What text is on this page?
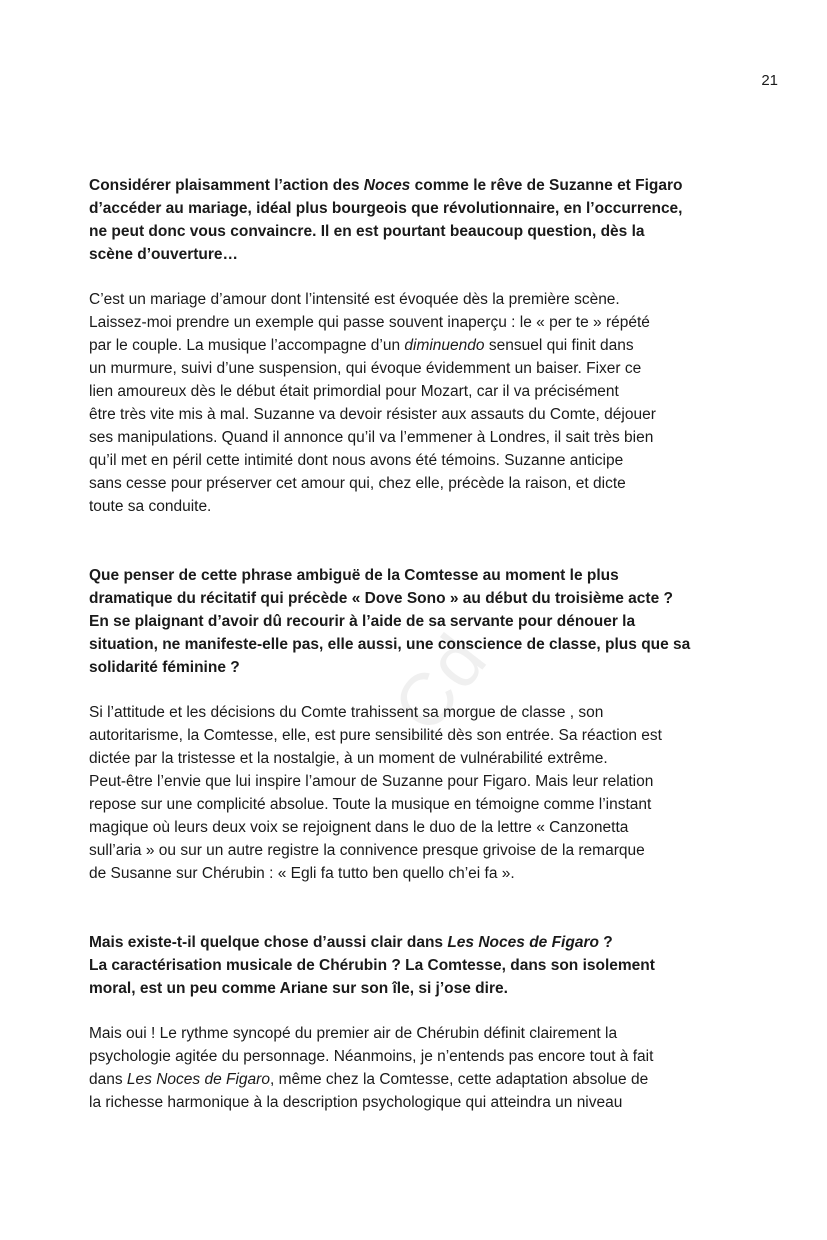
21
Cd
Considérer plaisamment l’action des Noces comme le rêve de Suzanne et Figaro
d’accéder au mariage, idéal plus bourgeois que révolutionnaire, en l’occurrence,
ne peut donc vous convaincre. Il en est pourtant beaucoup question, dès la
scène d’ouverture…
C’est un mariage d’amour dont l’intensité est évoquée dès la première scène.
Laissez-moi prendre un exemple qui passe souvent inaperçu : le « per te » répété
par le couple. La musique l’accompagne d’un diminuendo sensuel qui finit dans
un murmure, suivi d’une suspension, qui évoque évidemment un baiser. Fixer ce
lien amoureux dès le début était primordial pour Mozart, car il va précisément
être très vite mis à mal. Suzanne va devoir résister aux assauts du Comte, déjouer
ses manipulations. Quand il annonce qu’il va l’emmener à Londres, il sait très bien
qu’il met en péril cette intimité dont nous avons été témoins. Suzanne anticipe
sans cesse pour préserver cet amour qui, chez elle, précède la raison, et dicte
toute sa conduite.
Que penser de cette phrase ambiguë de la Comtesse au moment le plus
dramatique du récitatif qui précède « Dove Sono » au début du troisième acte ?
En se plaignant d’avoir dû recourir à l’aide de sa servante pour dénouer la
situation, ne manifeste-elle pas, elle aussi, une conscience de classe, plus que sa
solidarité féminine ?
Si l’attitude et les décisions du Comte trahissent sa morgue de classe , son
autoritarisme, la Comtesse, elle, est pure sensibilité dès son entrée. Sa réaction est
dictée par la tristesse et la nostalgie, à un moment de vulnérabilité extrême.
Peut-être l’envie que lui inspire l’amour de Suzanne pour Figaro. Mais leur relation
repose sur une complicité absolue. Toute la musique en témoigne comme l’instant
magique où leurs deux voix se rejoignent dans le duo de la lettre « Canzonetta
sull’aria » ou sur un autre registre la connivence presque grivoise de la remarque
de Susanne sur Chérubin : « Egli fa tutto ben quello ch’ei fa ».
Mais existe-t-il quelque chose d’aussi clair dans Les Noces de Figaro ?
La caractérisation musicale de Chérubin ? La Comtesse, dans son isolement
moral, est un peu comme Ariane sur son île, si j’ose dire.
Mais oui ! Le rythme syncopé du premier air de Chérubin définit clairement la
psychologie agitée du personnage. Néanmoins, je n’entends pas encore tout à fait
dans Les Noces de Figaro, même chez la Comtesse, cette adaptation absolue de
la richesse harmonique à la description psychologique qui atteindra un niveau
